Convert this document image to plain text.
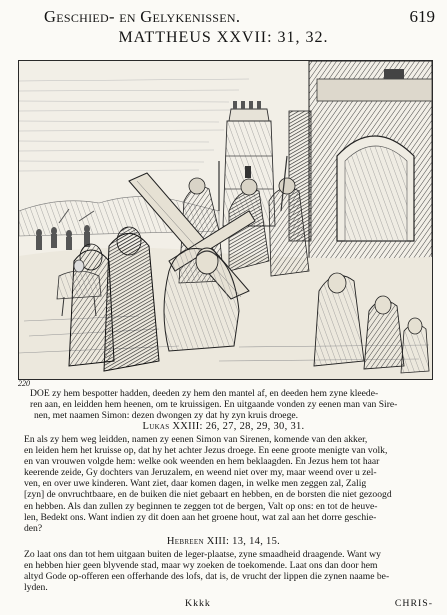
Geschied- en Gelykenissen.	619
MATTHEUS XXVII: 31, 32.
220
DOE zy hem bespotter hadden, deeden zy hem den mantel af, en deeden hem zyne kleede-
ren aan, en leidden hem heenen, om te kruissigen. En uitgaande vonden zy eenen man van Sire-
nen, met naamen Simon: dezen dwongen zy dat hy zyn kruis droege.
Lukas XXIII: 26, 27, 28, 29, 30, 31.
En als zy hem weg leidden, namen zy eenen Simon van Sirenen, komende van den akker,
en leiden hem het kruisse op, dat hy het achter Jezus droege. En eene groote menigte van volk,
en van vrouwen volgde hem: welke ook weenden en hem beklaagden. En Jezus hem tot haar
keerende zeide, Gy dochters van Jeruzalem, en weend niet over my, maar weend over u zel-
ven, en over uwe kinderen. Want ziet, daar komen dagen, in welke men zeggen zal, Zalig
[zyn] de onvruchtbaare, en de buiken die niet gebaart en hebben, en de borsten die niet gezoogd
en hebben. Als dan zullen zy beginnen te zeggen tot de bergen, Valt op ons: en tot de heuve-
len, Bedekt ons. Want indien zy dit doen aan het groene hout, wat zal aan het dorre geschie-
den?
Hebreen XIII: 13, 14, 15.
Zo laat ons dan tot hem uitgaan buiten de leger-plaatse, zyne smaadheid draagende. Want wy
en hebben hier geen blyvende stad, maar wy zoeken de toekomende. Laat ons dan door hem
altyd Gode op-offeren een offerhande des lofs, dat is, de vrucht der lippen die zynen naame be-
lyden.
Kkkk	CHRIS-
